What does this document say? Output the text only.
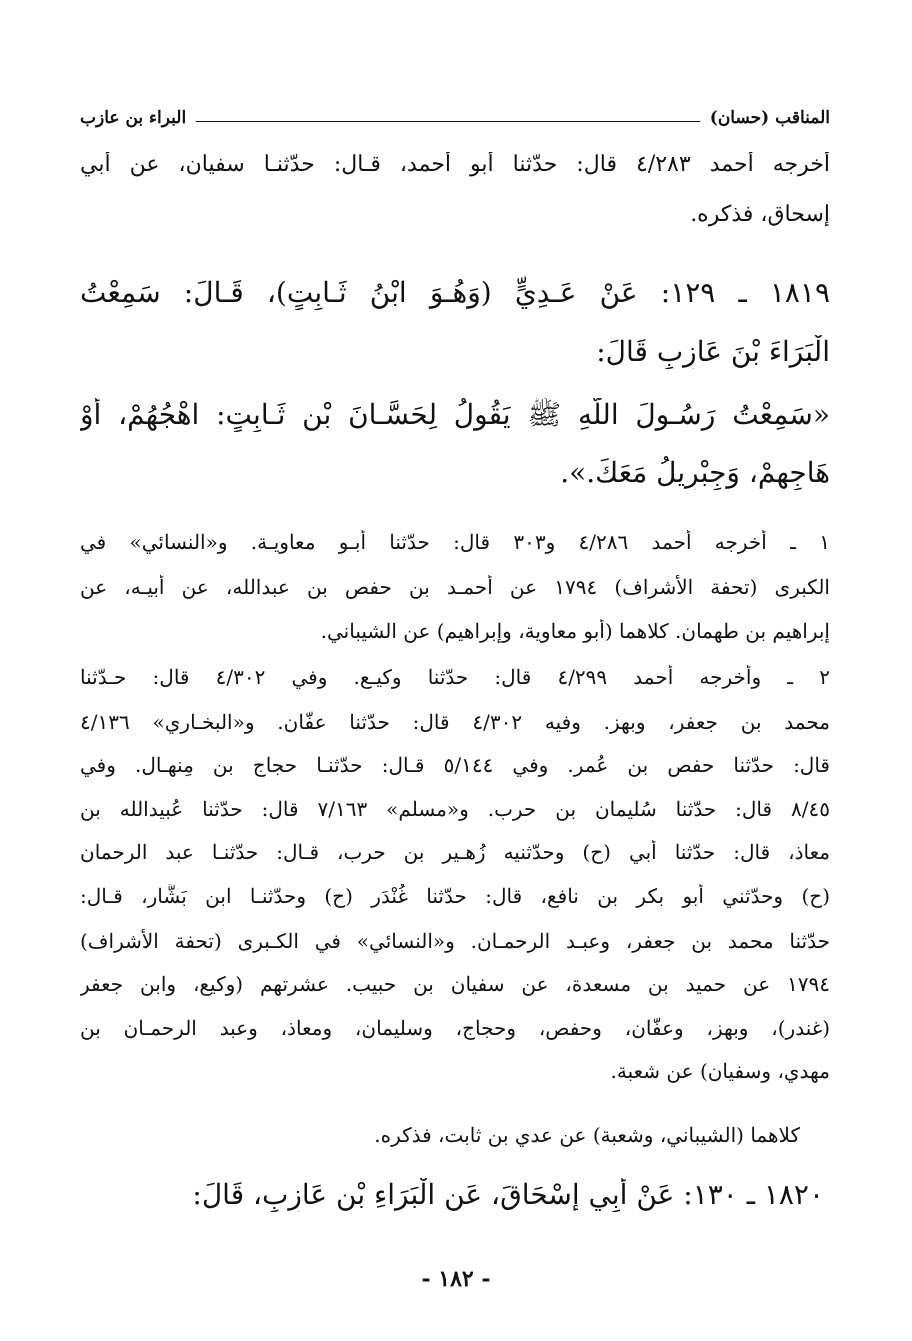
المناقب (حسان)
البراء بن عازب
أخرجه أحمد ٤/٢٨٣ قال: حدّثنا أبو أحمد، قـال: حدّثنـا سفيان، عن أبي
إسحاق، فذكره.
١٨١٩ ـ ١٢٩: عَنْ عَـدِيٍّ (وَهُـوَ ابْنُ ثَـابِتٍ)، قَـالَ: سَمِعْتُ
الْبَرَاءَ بْنَ عَازِبٍ قَالَ:
«سَمِعْتُ رَسُـولَ اللَّهِ ﷺ يَقُولُ لِحَسَّـانَ بْنِ ثَـابِتٍ: اهْجُهُمْ، أَوْ
هَاجِهِمْ، وَجِبْرِيلُ مَعَكَ.».
١ ـ أخرجه أحمد ٤/٢٨٦ و٣٠٣ قال: حدّثنا أبـو معاويـة. و«النسائي» في
الكبرى (تحفة الأشراف) ١٧٩٤ عن أحمـد بن حفص بن عبدالله، عن أبيـه، عن
إبراهيم بن طهمان. كلاهما (أبو معاوية، وإبراهيم) عن الشيباني.
٢ ـ وأخرجه أحمد ٤/٢٩٩ قال: حدّثنا وكيـع. وفي ٤/٣٠٢ قال: حـدّثنا
محمد بن جعفر، وبهز. وفيه ٤/٣٠٢ قال: حدّثنا عفّان. و«البخـاري» ٤/١٣٦
قال: حدّثنا حفص بن عُمر. وفي ٥/١٤٤ قـال: حدّثنـا حجاج بن مِنهـال. وفي
٨/٤٥ قال: حدّثنا سُليمان بن حرب. و«مسلم» ٧/١٦٣ قال: حدّثنا عُبيدالله بن
معاذ، قال: حدّثنا أبي (ح) وحدّثنيه زُهـير بن حرب، قـال: حدّثنـا عبد الرحمان
(ح) وحدّثني أبو بكر بن نافع، قال: حدّثنا غُنْدَر (ح) وحدّثنـا ابن بَشَّار، قـال:
حدّثنا محمد بن جعفر، وعبـد الرحمـان. و«النسائي» في الكـبرى (تحفة الأشراف)
١٧٩٤ عن حميد بن مسعدة، عن سفيان بن حبيب. عشرتهم (وكيع، وابن جعفر
(غندر)، وبهز، وعفّان، وحفص، وحجاج، وسليمان، ومعاذ، وعبد الرحمـان بن
مهدي، وسفيان) عن شعبة.
كلاهما (الشيباني، وشعبة) عن عدي بن ثابت، فذكره.
١٨٢٠ ـ ١٣٠: عَنْ أَبِي إِسْحَاقَ، عَنِ الْبَرَاءِ بْنِ عَازِبٍ، قَالَ:
- ١٨٢ -
